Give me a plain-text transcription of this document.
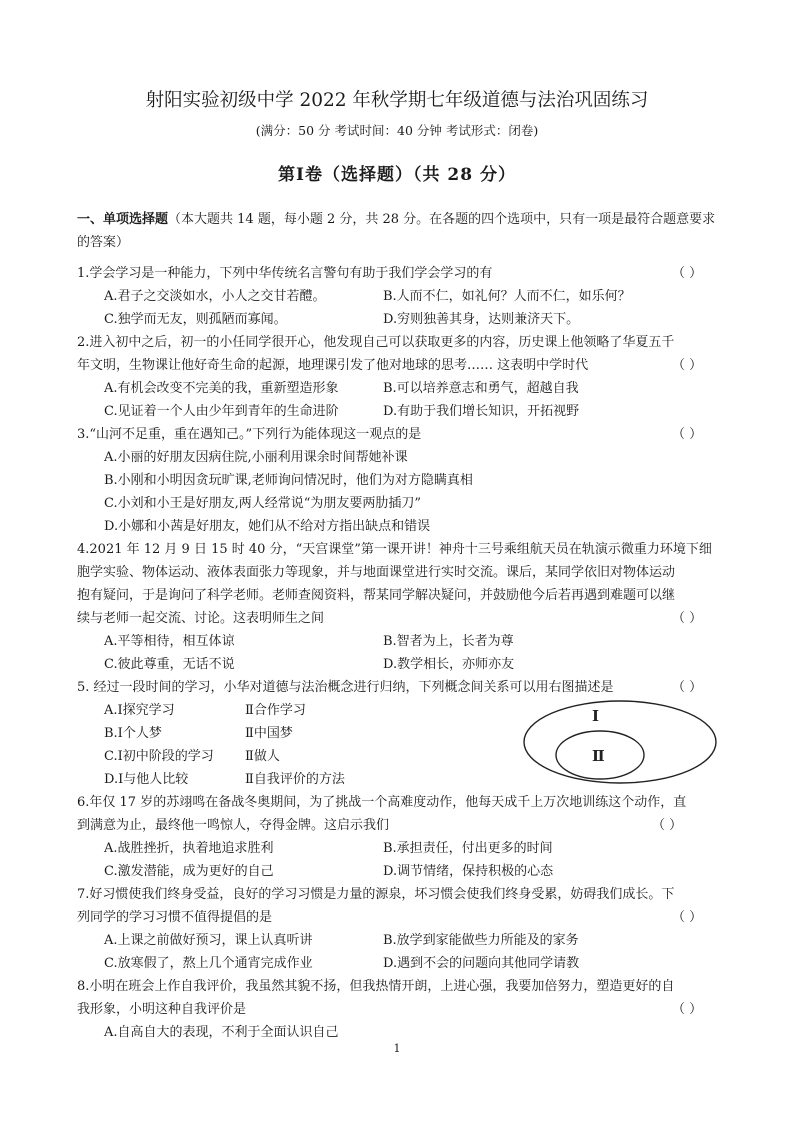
射阳实验初级中学 2022 年秋学期七年级道德与法治巩固练习
(满分：50 分 考试时间：40 分钟 考试形式：闭卷)
第Ⅰ卷（选择题）（共 28 分）
一、单项选择题（本大题共 14 题，每小题 2 分，共 28 分。在各题的四个选项中，只有一项是最符合题意要求的答案）
1.学会学习是一种能力，下列中华传统名言警句有助于我们学会学习的有	（ ）
A.君子之交淡如水，小人之交甘若醴。	B.人而不仁，如礼何？人而不仁，如乐何？
C.独学而无友，则孤陋而寡闻。	D.穷则独善其身，达则兼济天下。
2.进入初中之后，初一的小任同学很开心，他发现自己可以获取更多的内容，历史课上他领略了华夏五千
年文明，生物课让他好奇生命的起源，地理课引发了他对地球的思考…… 这表明中学时代	（ ）
A.有机会改变不完美的我，重新塑造形象	B.可以培养意志和勇气，超越自我
C.见证着一个人由少年到青年的生命进阶	D.有助于我们增长知识，开拓视野
3.“山河不足重，重在遇知己。”下列行为能体现这一观点的是	（ ）
A.小丽的好朋友因病住院,小丽利用课余时间帮她补课
B.小刚和小明因贪玩旷课,老师询问情况时，他们为对方隐瞒真相
C.小刘和小王是好朋友,两人经常说“为朋友要两肋插刀”
D.小娜和小茜是好朋友，她们从不给对方指出缺点和错误
4.2021 年 12 月 9 日 15 时 40 分，“天宫课堂”第一课开讲！神舟十三号乘组航天员在轨演示微重力环境下细
胞学实验、物体运动、液体表面张力等现象，并与地面课堂进行实时交流。课后，某同学依旧对物体运动
抱有疑问，于是询问了科学老师。老师查阅资料，帮某同学解决疑问，并鼓励他今后若再遇到难题可以继
续与老师一起交流、讨论。这表明师生之间	（ ）
A.平等相待，相互体谅	B.智者为上，长者为尊
C.彼此尊重，无话不说	D.教学相长，亦师亦友
5. 经过一段时间的学习，小华对道德与法治概念进行归纳，下列概念间关系可以用右图描述是	（ ）
A.Ⅰ探究学习	Ⅱ合作学习
B.Ⅰ个人梦	Ⅱ中国梦
C.Ⅰ初中阶段的学习 Ⅱ做人
D.Ⅰ与他人比较	Ⅱ自我评价的方法
Ⅰ
Ⅱ
6.年仅 17 岁的苏翊鸣在备战冬奥期间，为了挑战一个高难度动作，他每天成千上万次地训练这个动作，直
到满意为止，最终他一鸣惊人，夺得金牌。这启示我们	（ ）
A.战胜挫折，执着地追求胜利	B.承担责任，付出更多的时间
C.激发潜能，成为更好的自己	D.调节情绪，保持积极的心态
7.好习惯使我们终身受益，良好的学习习惯是力量的源泉，坏习惯会使我们终身受累，妨碍我们成长。下
列同学的学习习惯不值得提倡的是	（ ）
A.上课之前做好预习，课上认真听讲	B.放学到家能做些力所能及的家务
C.放寒假了，熬上几个通宵完成作业	D.遇到不会的问题向其他同学请教
8.小明在班会上作自我评价，我虽然其貌不扬，但我热情开朗，上进心强，我要加倍努力，塑造更好的自
我形象，小明这种自我评价是	（ ）
A.自高自大的表现，不利于全面认识自己
1
